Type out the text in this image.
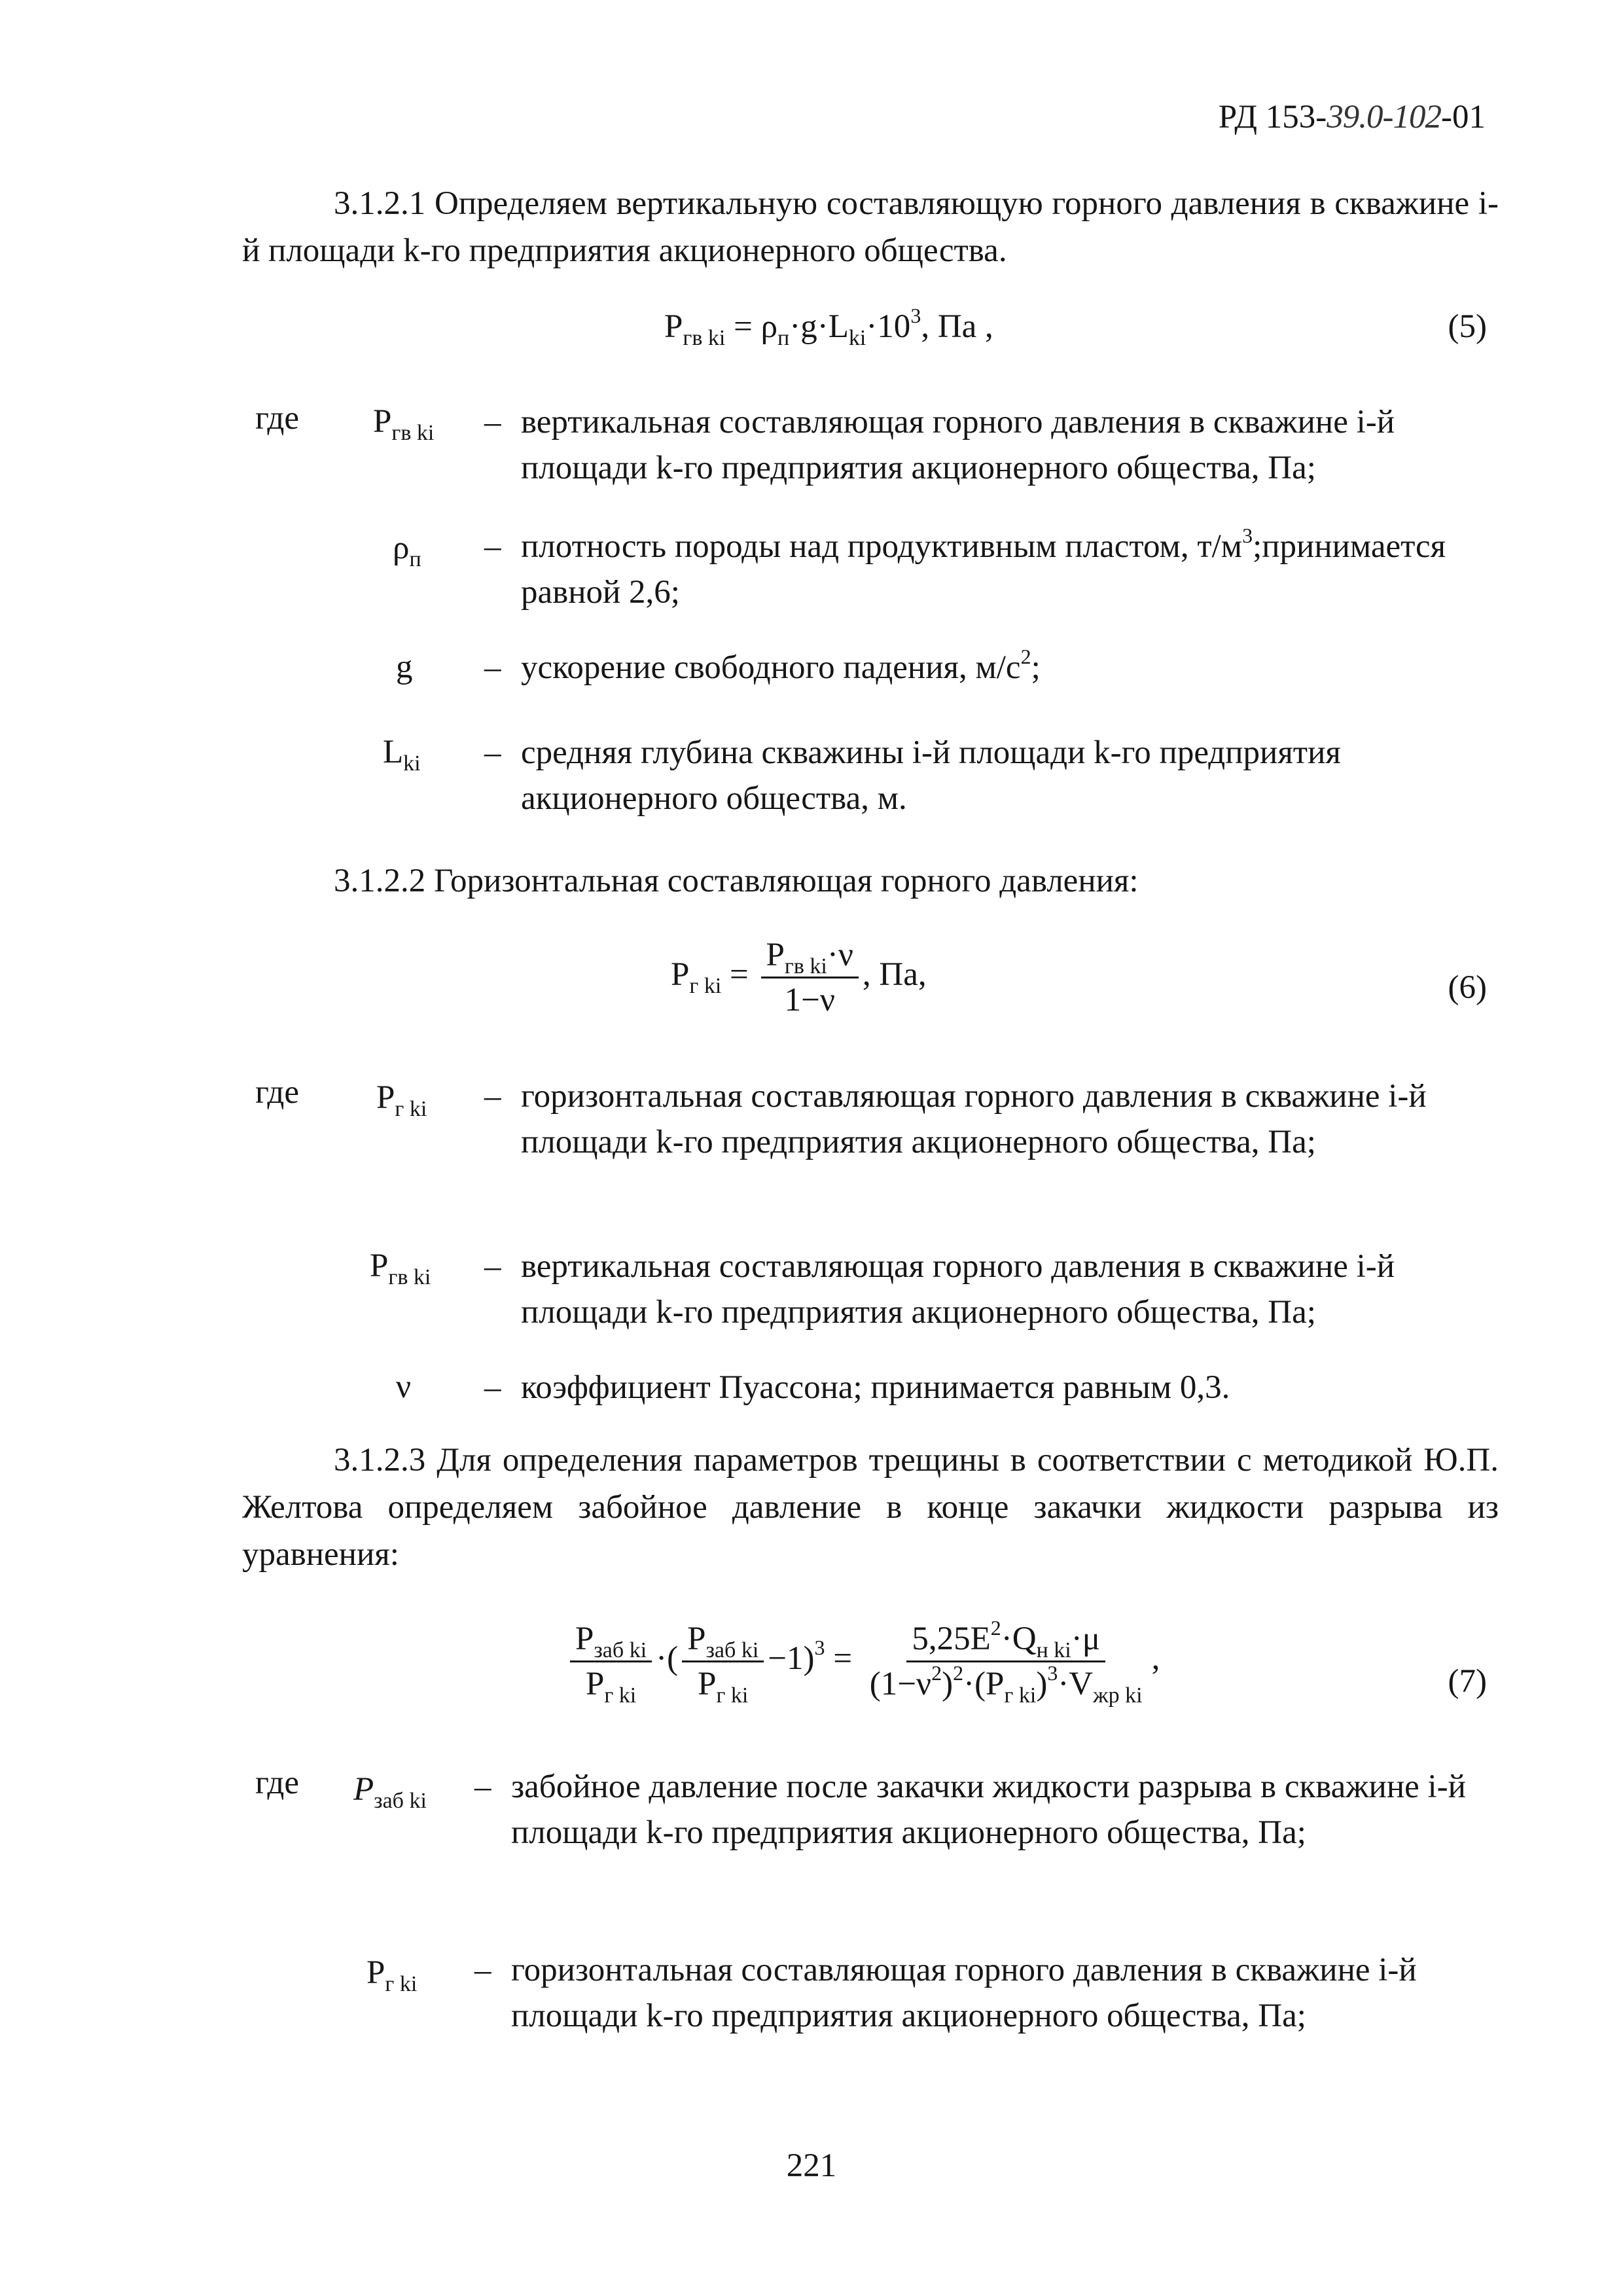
РД 153-39.0-102-01
3.1.2.1 Определяем вертикальную составляющую горного давления в скважине i-й площади k-го предприятия акционерного общества.
$P_{гв ki} = \rho_п\cdot g\cdot L_{ki}\cdot 10^3$, Па ,	(5)
где $P_{гв ki}$ – вертикальная составляющая горного давления в скважине i-й площади k-го предприятия акционерного общества, Па;
$\rho_п$ – плотность породы над продуктивным пластом, $т/м^3;принимается$ равной 2,6;
g – ускорение свободного падения, $м/с^2$;
$L_{ki}$ – средняя глубина скважины i-й площади k-го предприятия акционерного общества, м.
3.1.2.2 Горизонтальная составляющая горного давления:
$P_{г ki} = \frac{P_{гв ki}\cdot\nu}{1-\nu}$ , Па,	(6)
где $P_{г ki}$ – горизонтальная составляющая горного давления в скважине i-й площади k-го предприятия акционерного общества, Па;
$P_{гв ki}$ – вертикальная составляющая горного давления в скважине i-й площади k-го предприятия акционерного общества, Па;
ν – коэффициент Пуассона; принимается равным 0,3.
3.1.2.3 Для определения параметров трещины в соответствии с методикой Ю.П. Желтова определяем забойное давление в конце закачки жидкости разрыва из уравнения:
$\frac{P_{заб ki}}{P_{г ki}}$ ·( $\frac{P_{заб ki}}{P_{г ki}} -1)^3 = \frac{5,25E^2\cdot Q_{н ki}\cdot\mu}{(1-\nu^2)^2\cdot(P_{г ki})^3\cdot V_{жр ki}}$ ,
(7)
где $P_{заб ki}$ – забойное давление после закачки жидкости разрыва в скважине i-й площади k-го предприятия акционерного общества, Па;
$P_{г ki}$ – горизонтальная составляющая горного давления в скважине i-й площади k-го предприятия акционерного общества, Па;
221
